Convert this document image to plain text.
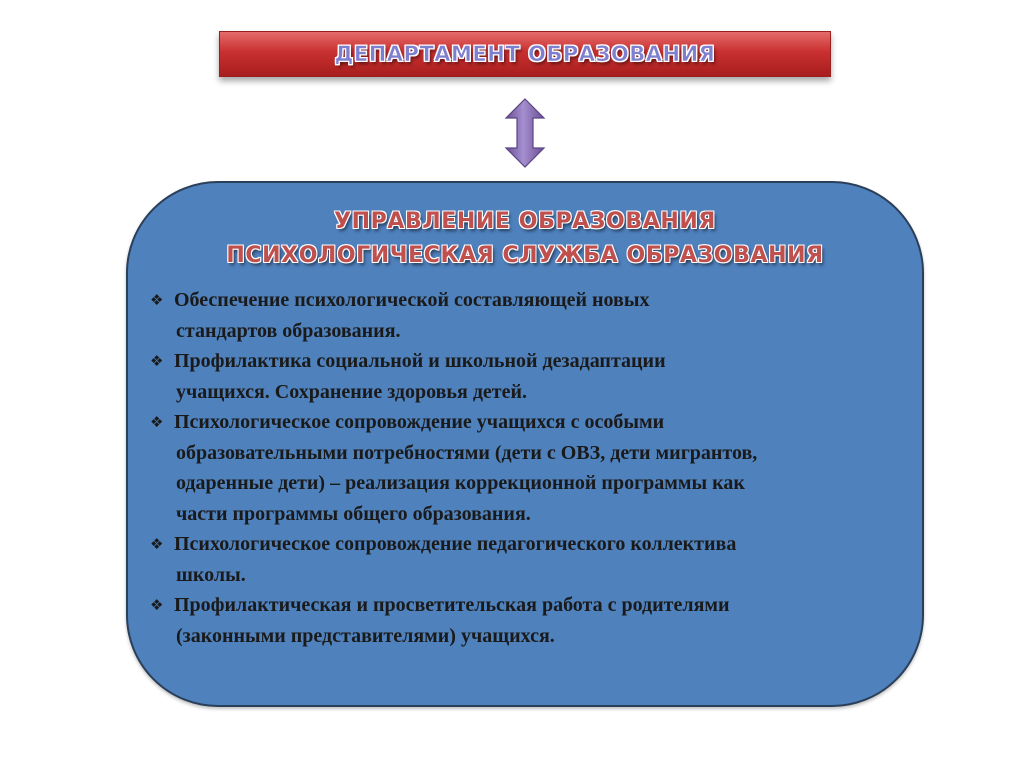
ДЕПАРТАМЕНТ ОБРАЗОВАНИЯ
УПРАВЛЕНИЕ ОБРАЗОВАНИЯ
ПСИХОЛОГИЧЕСКАЯ СЛУЖБА ОБРАЗОВАНИЯ
❖ Обеспечение психологической составляющей новых
стандартов образования.
❖ Профилактика социальной и школьной дезадаптации
учащихся. Сохранение здоровья детей.
❖ Психологическое сопровождение учащихся с особыми
образовательными потребностями (дети с ОВЗ, дети мигрантов,
одаренные дети) – реализация коррекционной программы как
части программы общего образования.
❖ Психологическое сопровождение педагогического коллектива
школы.
❖ Профилактическая и просветительская работа с родителями
(законными представителями) учащихся.
